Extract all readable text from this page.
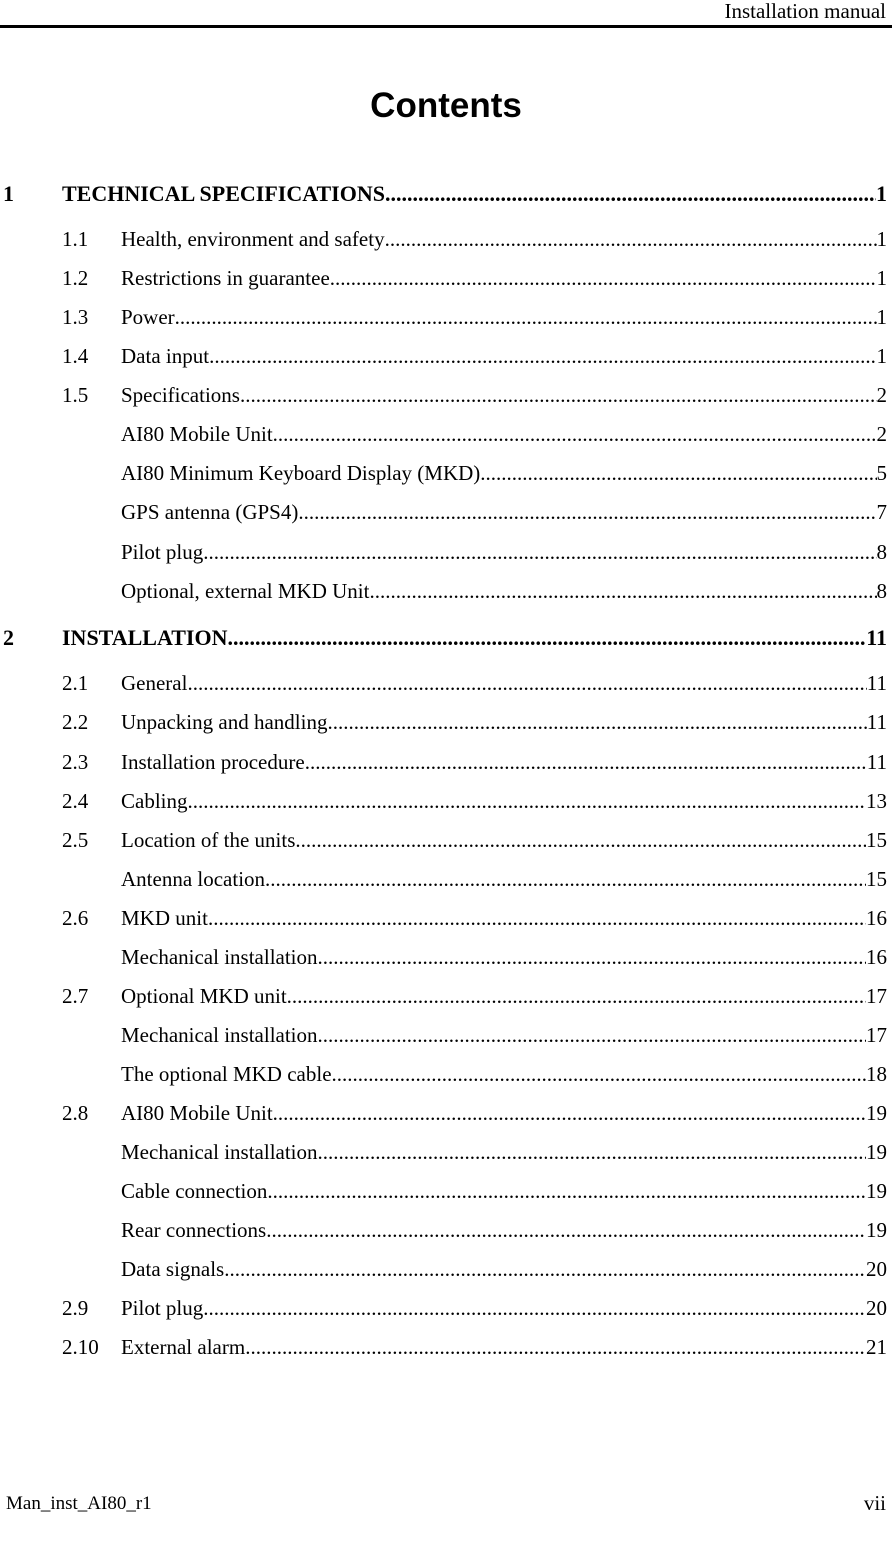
Installation manual
Contents
1 TECHNICAL SPECIFICATIONS .....	1
1.1 Health, environment and safety .....	1
1.2 Restrictions in guarantee .....	1
1.3 Power .....	1
1.4 Data input .....	1
1.5 Specifications .....	2
AI80 Mobile Unit .....	2
AI80 Minimum Keyboard Display (MKD) .....	5
GPS antenna (GPS4) .....	7
Pilot plug .....	8
Optional, external MKD Unit .....	8
2 INSTALLATION .....	11
2.1 General .....	11
2.2 Unpacking and handling .....	11
2.3 Installation procedure .....	11
2.4 Cabling .....	13
2.5 Location of the units .....	15
Antenna location .....	15
2.6 MKD unit .....	16
Mechanical installation .....	16
2.7 Optional MKD unit .....	17
Mechanical installation .....	17
The optional MKD cable .....	18
2.8 AI80 Mobile Unit .....	19
Mechanical installation .....	19
Cable connection .....	19
Rear connections .....	19
Data signals .....	20
2.9 Pilot plug .....	20
2.10 External alarm .....	21
Man_inst_AI80_r1	vii
